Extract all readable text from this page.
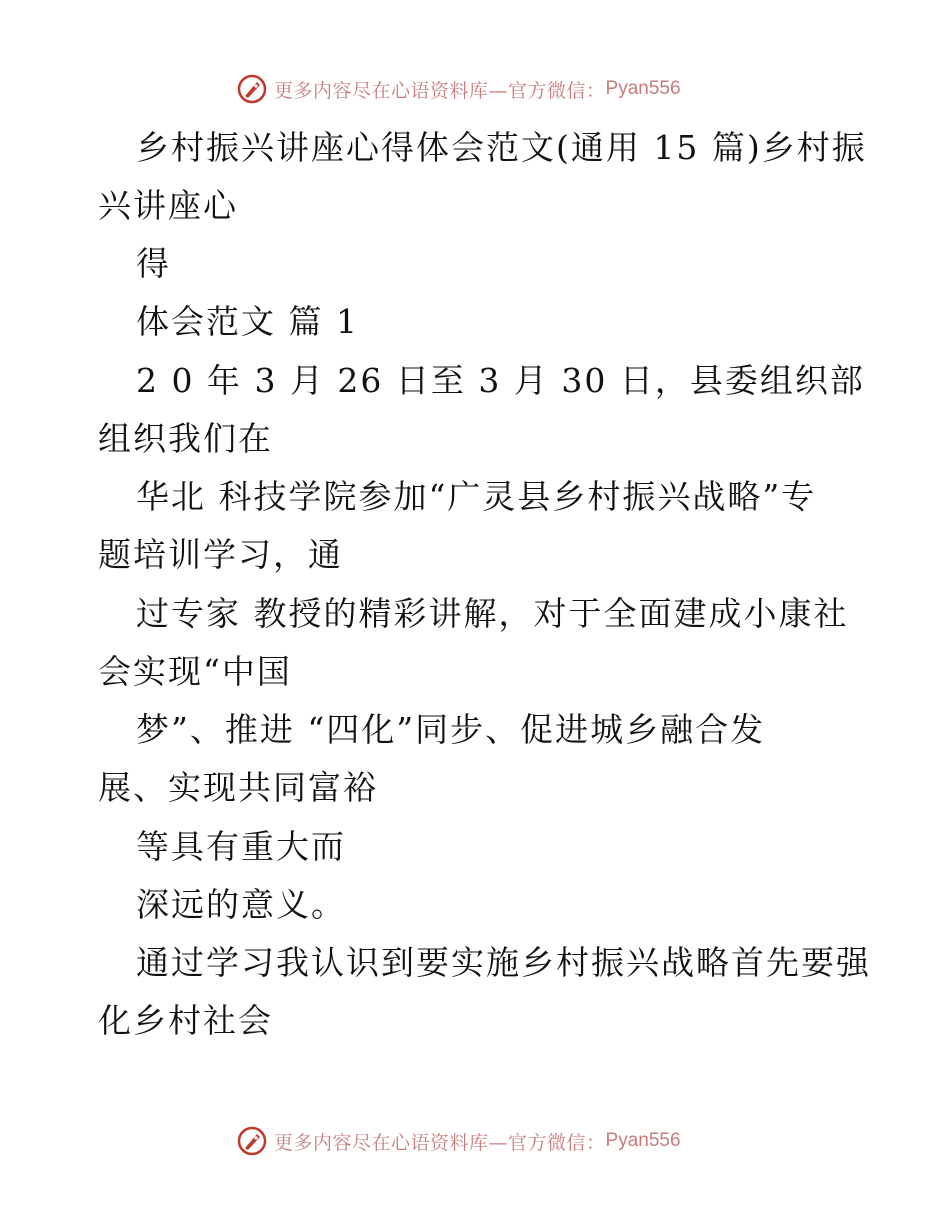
更多内容尽在心语资料库—官方微信： Pyan556
乡村振兴讲座心得体会范文(通用 15 篇)乡村振
兴讲座心
得
体会范文 篇 1
2 0 年 3 月 26 日至 3 月 30 日，县委组织部
组织我们在
华北 科技学院参加“广灵县乡村振兴战略”专
题培训学习，通
过专家 教授的精彩讲解，对于全面建成小康社
会实现“中国
梦”、推进 “四化”同步、促进城乡融合发
展、实现共同富裕
等具有重大而
深远的意义。
通过学习我认识到要实施乡村振兴战略首先要强
化乡村社会
更多内容尽在心语资料库—官方微信： Pyan556
